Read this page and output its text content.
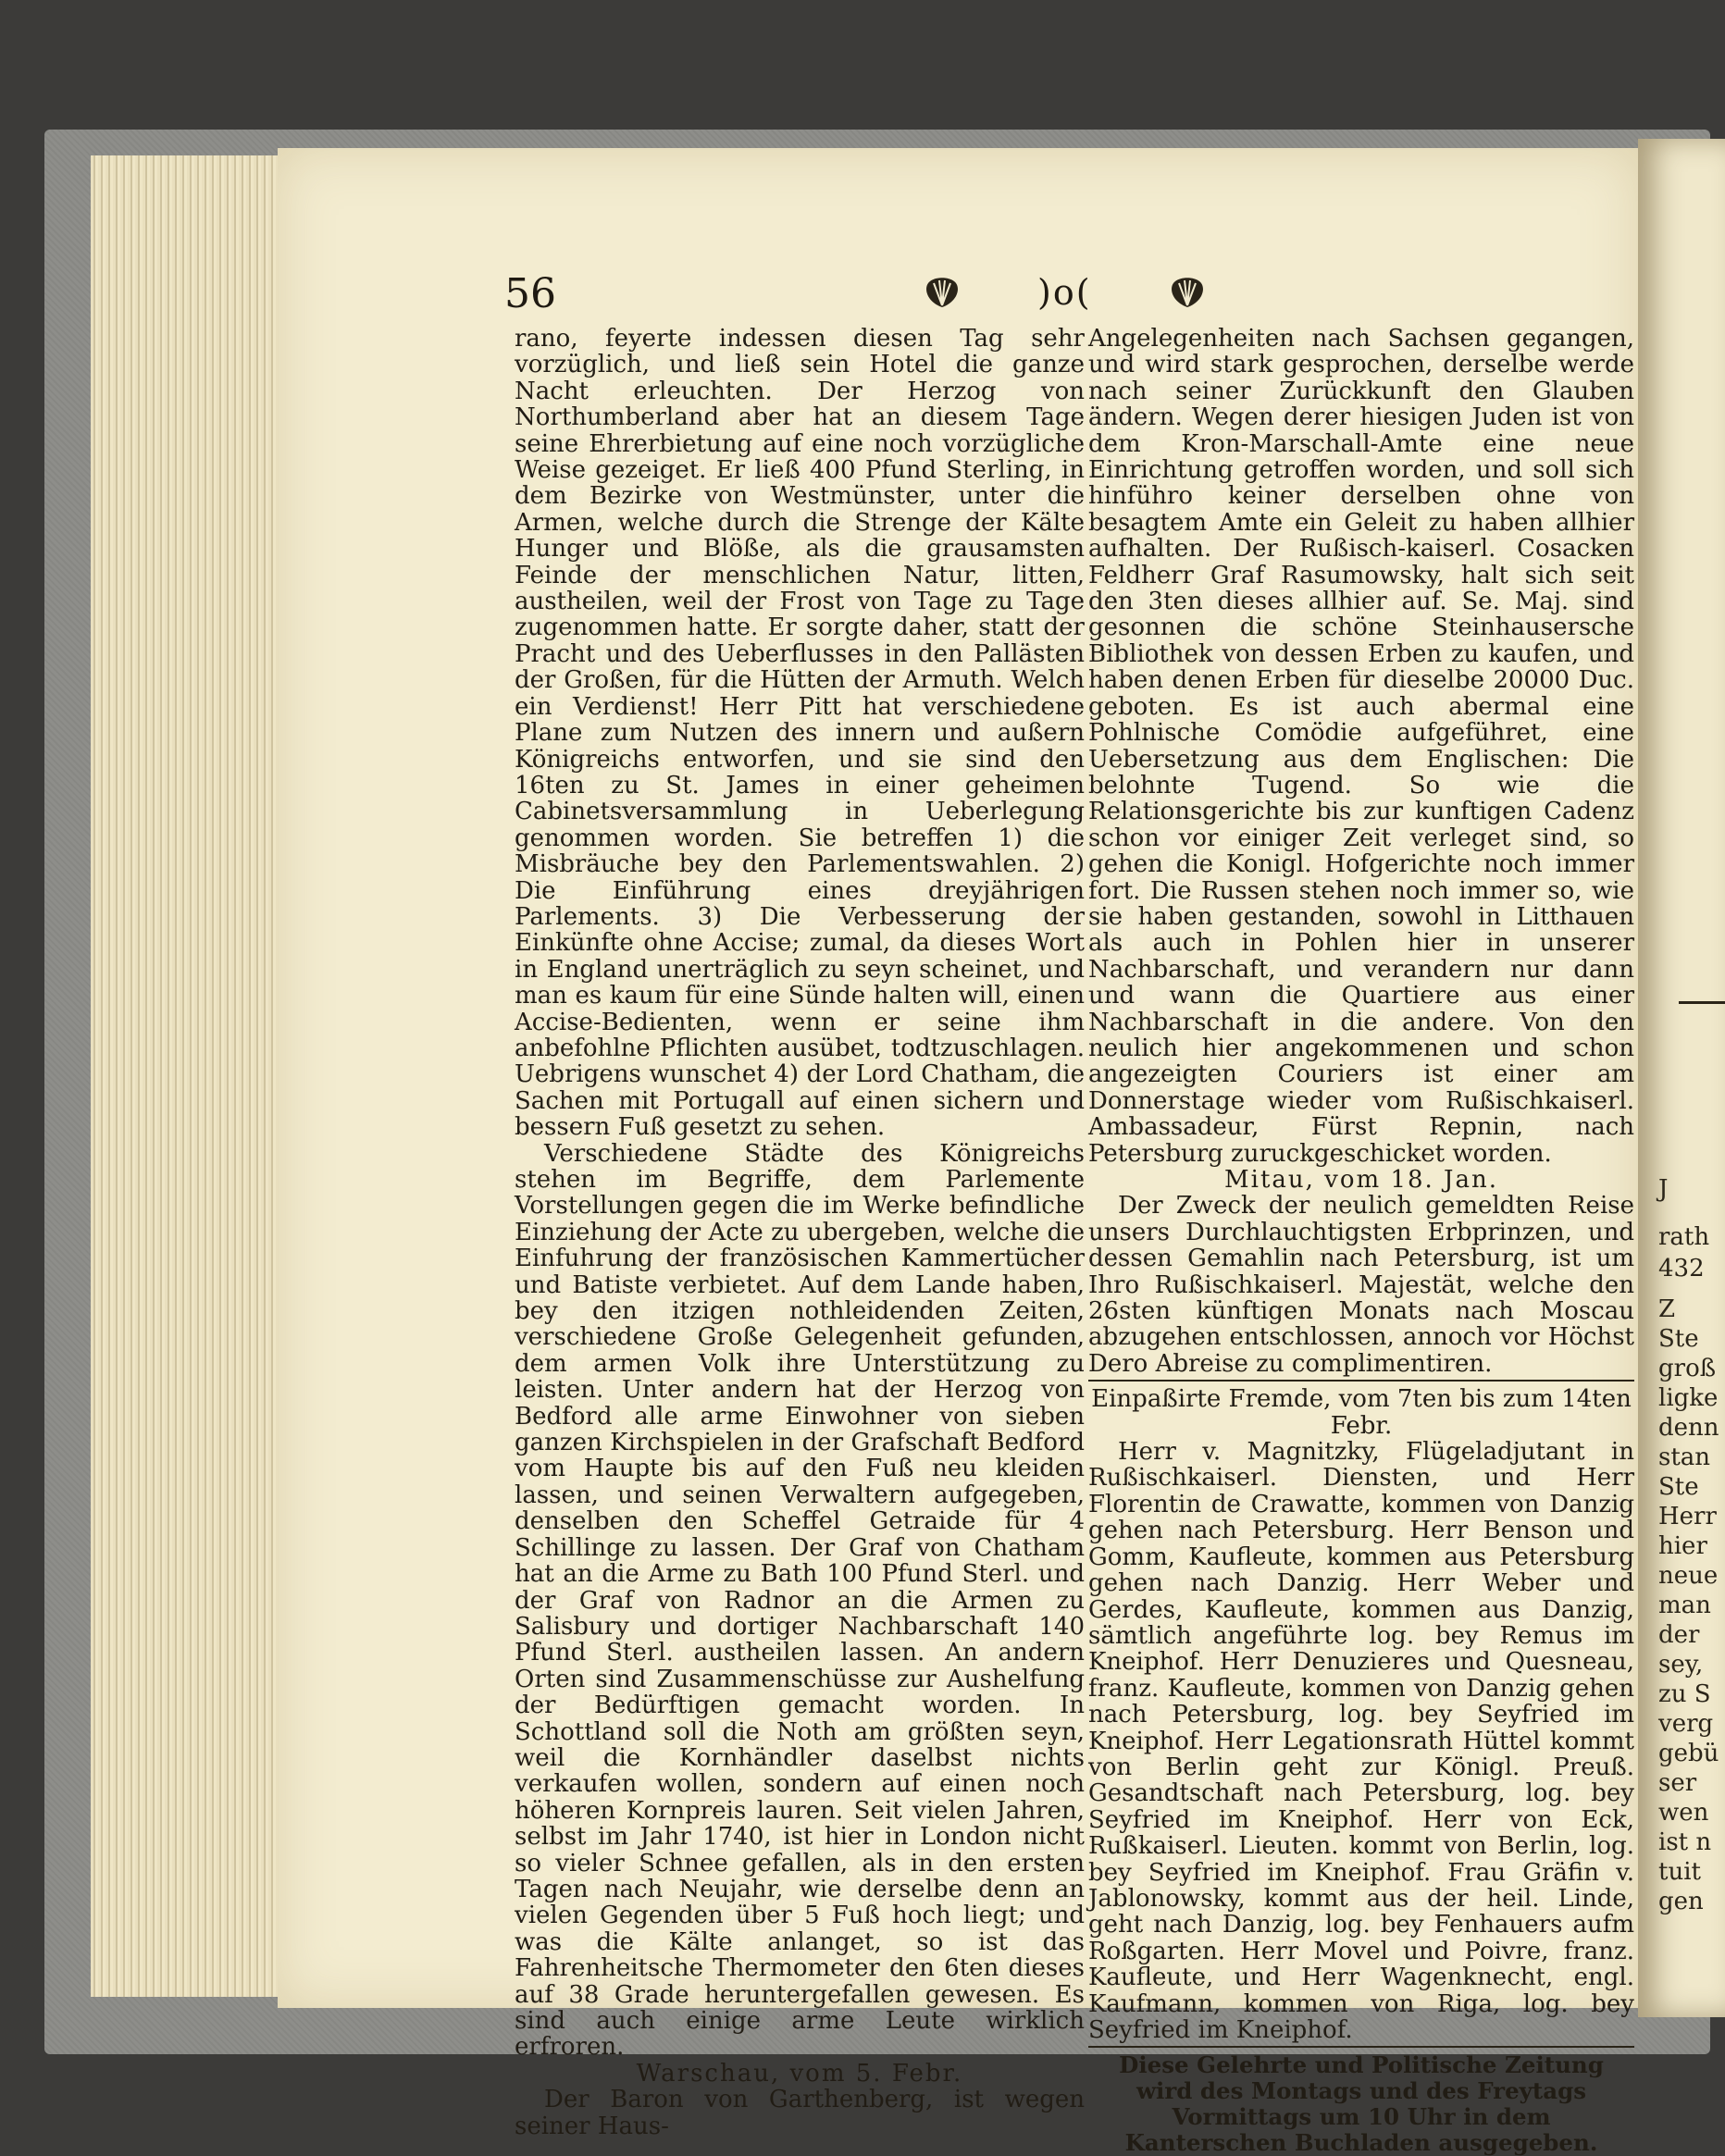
J
rath
432
Z
Ste
groß
ligke
denn
stan
Ste
Herr
hier
neue
man
der
sey,
zu S
verg
gebü
ser
wen
ist n
tuit
gen
56	)o(

rano, feyerte indessen diesen Tag sehr vorzüglich, und ließ sein Hotel die ganze Nacht erleuchten. Der Herzog von Northumberland aber hat an diesem Tage seine Ehrerbietung auf eine noch vorzügliche Weise gezeiget. Er ließ 400 Pfund Sterling, in dem Bezirke von Westmünster, unter die Armen, welche durch die Strenge der Kälte Hunger und Blöße, als die grausamsten Feinde der menschlichen Natur, litten, austheilen, weil der Frost von Tage zu Tage zugenommen hatte. Er sorgte daher, statt der Pracht und des Ueberflusses in den Pallästen der Großen, für die Hütten der Armuth. Welch ein Verdienst! Herr Pitt hat verschiedene Plane zum Nutzen des innern und außern Königreichs entworfen, und sie sind den 16ten zu St. James in einer geheimen Cabinetsversammlung in Ueberlegung genommen worden. Sie betreffen 1) die Misbräuche bey den Parlementswahlen. 2) Die Einführung eines dreyjährigen Parlements. 3) Die Verbesserung der Einkünfte ohne Accise; zumal, da dieses Wort in England unerträglich zu seyn scheinet, und man es kaum für eine Sünde halten will, einen Accise-Bedienten, wenn er seine ihm anbefohlne Pflichten ausübet, todtzuschlagen. Uebrigens wunschet 4) der Lord Chatham, die Sachen mit Portugall auf einen sichern und bessern Fuß gesetzt zu sehen.

Verschiedene Städte des Königreichs stehen im Begriffe, dem Parlemente Vorstellungen gegen die im Werke befindliche Einziehung der Acte zu ubergeben, welche die Einfuhrung der französischen Kammertücher und Batiste verbietet. Auf dem Lande haben, bey den itzigen nothleidenden Zeiten, verschiedene Große Gelegenheit gefunden, dem armen Volk ihre Unterstützung zu leisten. Unter andern hat der Herzog von Bedford alle arme Einwohner von sieben ganzen Kirchspielen in der Grafschaft Bedford vom Haupte bis auf den Fuß neu kleiden lassen, und seinen Verwaltern aufgegeben, denselben den Scheffel Getraide für 4 Schillinge zu lassen. Der Graf von Chatham hat an die Arme zu Bath 100 Pfund Sterl. und der Graf von Radnor an die Armen zu Salisbury und dortiger Nachbarschaft 140 Pfund Sterl. austheilen lassen. An andern Orten sind Zusammenschüsse zur Aushelfung der Bedürftigen gemacht worden. In Schottland soll die Noth am größten seyn, weil die Kornhändler daselbst nichts verkaufen wollen, sondern auf einen noch höheren Kornpreis lauren. Seit vielen Jahren, selbst im Jahr 1740, ist hier in London nicht so vieler Schnee gefallen, als in den ersten Tagen nach Neujahr, wie derselbe denn an vielen Gegenden über 5 Fuß hoch liegt; und was die Kälte anlanget, so ist das Fahrenheitsche Thermometer den 6ten dieses auf 38 Grade heruntergefallen gewesen. Es sind auch einige arme Leute wirklich erfroren.

Warschau, vom 5. Febr.

Der Baron von Garthenberg, ist wegen seiner Haus-

Angelegenheiten nach Sachsen gegangen, und wird stark gesprochen, derselbe werde nach seiner Zurückkunft den Glauben ändern. Wegen derer hiesigen Juden ist von dem Kron-Marschall-Amte eine neue Einrichtung getroffen worden, und soll sich hinführo keiner derselben ohne von besagtem Amte ein Geleit zu haben allhier aufhalten. Der Rußisch-kaiserl. Cosacken Feldherr Graf Rasumowsky, halt sich seit den 3ten dieses allhier auf. Se. Maj. sind gesonnen die schöne Steinhausersche Bibliothek von dessen Erben zu kaufen, und haben denen Erben für dieselbe 20000 Duc. geboten. Es ist auch abermal eine Pohlnische Comödie aufgeführet, eine Uebersetzung aus dem Englischen: Die belohnte Tugend. So wie die Relationsgerichte bis zur kunftigen Cadenz schon vor einiger Zeit verleget sind, so gehen die Konigl. Hofgerichte noch immer fort. Die Russen stehen noch immer so, wie sie haben gestanden, sowohl in Litthauen als auch in Pohlen hier in unserer Nachbarschaft, und verandern nur dann und wann die Quartiere aus einer Nachbarschaft in die andere. Von den neulich hier angekommenen und schon angezeigten Couriers ist einer am Donnerstage wieder vom Rußischkaiserl. Ambassadeur, Fürst Repnin, nach Petersburg zuruckgeschicket worden.

Mitau, vom 18. Jan.

Der Zweck der neulich gemeldten Reise unsers Durchlauchtigsten Erbprinzen, und dessen Gemahlin nach Petersburg, ist um Ihro Rußischkaiserl. Majestät, welche den 26sten künftigen Monats nach Moscau abzugehen entschlossen, annoch vor Höchst Dero Abreise zu complimentiren.

Einpaßirte Fremde, vom 7ten bis zum 14ten Febr.

Herr v. Magnitzky, Flügeladjutant in Rußischkaiserl. Diensten, und Herr Florentin de Crawatte, kommen von Danzig gehen nach Petersburg. Herr Benson und Gomm, Kaufleute, kommen aus Petersburg gehen nach Danzig. Herr Weber und Gerdes, Kaufleute, kommen aus Danzig, sämtlich angeführte log. bey Remus im Kneiphof. Herr Denuzieres und Quesneau, franz. Kaufleute, kommen von Danzig gehen nach Petersburg, log. bey Seyfried im Kneiphof. Herr Legationsrath Hüttel kommt von Berlin geht zur Königl. Preuß. Gesandtschaft nach Petersburg, log. bey Seyfried im Kneiphof. Herr von Eck, Rußkaiserl. Lieuten. kommt von Berlin, log. bey Seyfried im Kneiphof. Frau Gräfin v. Jablonowsky, kommt aus der heil. Linde, geht nach Danzig, log. bey Fenhauers aufm Roßgarten. Herr Movel und Poivre, franz. Kaufleute, und Herr Wagenknecht, engl. Kaufmann, kommen von Riga, log. bey Seyfried im Kneiphof.

Diese Gelehrte und Politische Zeitung wird des Montags und des Freytags Vormittags um 10 Uhr in dem Kanterschen Buchladen ausgegeben.
